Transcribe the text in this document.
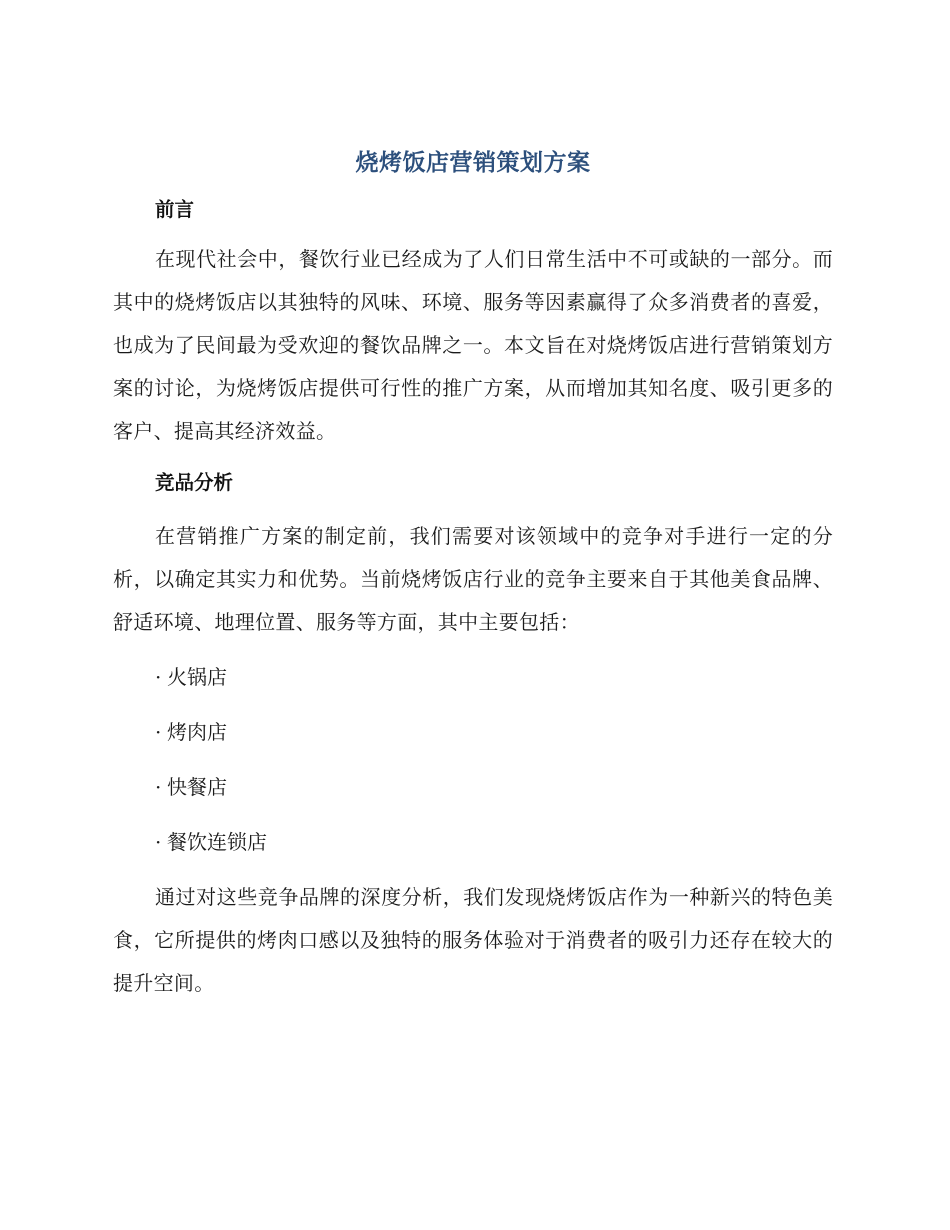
烧烤饭店营销策划方案
前言

在现代社会中，餐饮行业已经成为了人们日常生活中不可或缺的一部分。而其中的烧烤饭店以其独特的风味、环境、服务等因素赢得了众多消费者的喜爱，也成为了民间最为受欢迎的餐饮品牌之一。本文旨在对烧烤饭店进行营销策划方案的讨论，为烧烤饭店提供可行性的推广方案，从而增加其知名度、吸引更多的客户、提高其经济效益。

竞品分析

在营销推广方案的制定前，我们需要对该领域中的竞争对手进行一定的分析，以确定其实力和优势。当前烧烤饭店行业的竞争主要来自于其他美食品牌、舒适环境、地理位置、服务等方面，其中主要包括：

· 火锅店

· 烤肉店

· 快餐店

· 餐饮连锁店

通过对这些竞争品牌的深度分析，我们发现烧烤饭店作为一种新兴的特色美食，它所提供的烤肉口感以及独特的服务体验对于消费者的吸引力还存在较大的提升空间。
